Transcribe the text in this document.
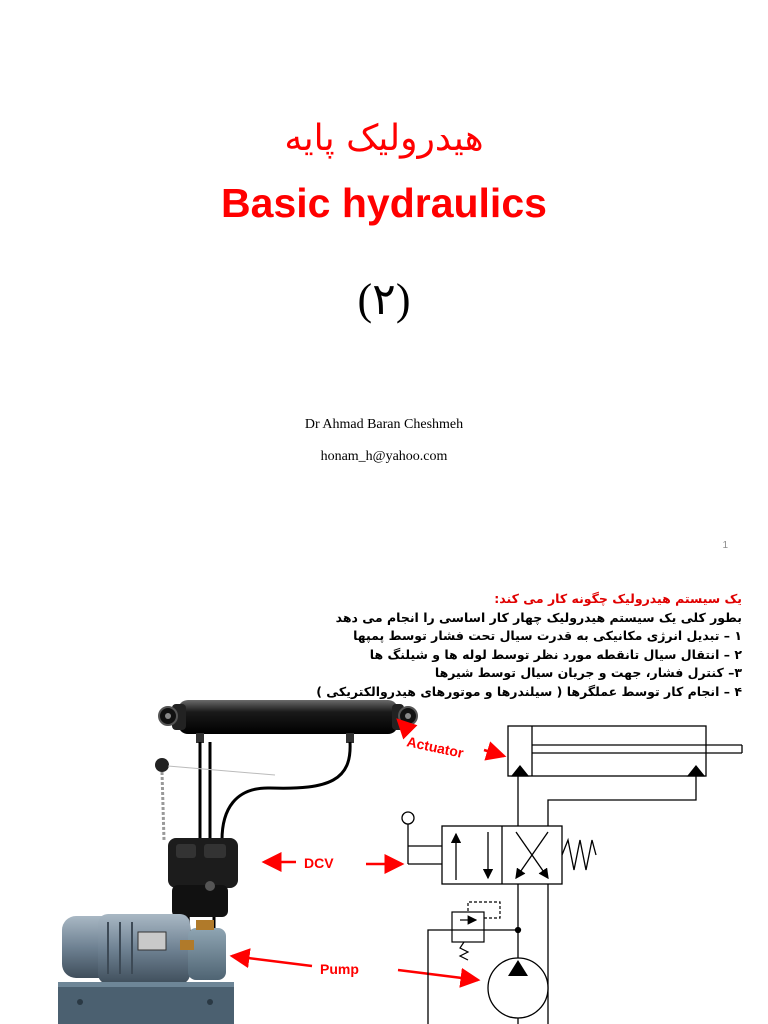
هیدرولیک پایه
Basic hydraulics
(۲)
Dr Ahmad Baran Cheshmeh
honam_h@yahoo.com
1
Actuator
DCV
Pump
یک سیستم هیدرولیک چگونه کار می کند:
بطور کلی یک سیستم هیدرولیک چهار کار اساسی را انجام می دهد
۱ – تبدیل انرژی مکانیکی به قدرت سیال تحت فشار توسط پمپها
۲ – انتقال سیال تانقطه مورد نظر توسط لوله ها و شیلنگ ها
۳– کنترل فشار، جهت و جریان سیال توسط شیرها
۴ – انجام کار توسط عملگرها ( سیلندرها و موتورهای هیدروالکتریکی )
